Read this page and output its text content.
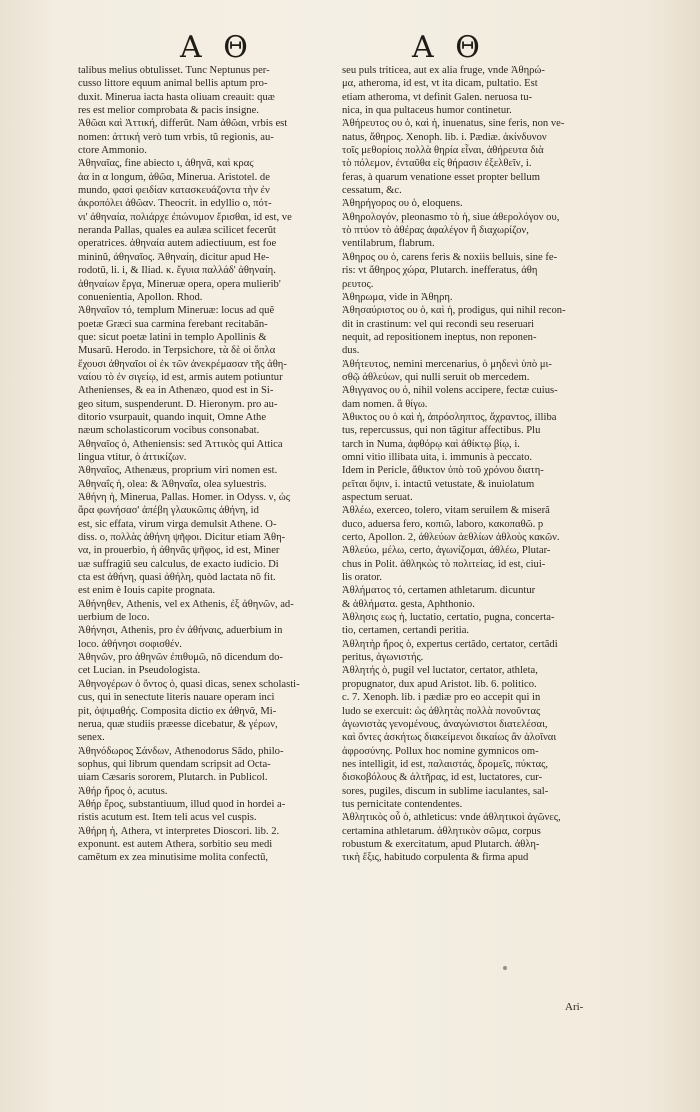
Α Θ	Α Θ
talibus melius obtulisset. Tunc Neptunus per-
cusso littore equum animal bellis aptum pro-
duxit. Minerua iacta hasta oliuam creauit: quæ
res est melior comprobata & pacis insigne.
Ἀθῶαι καὶ Ἀττική, differũt. Nam ἀθῶαι, vrbis est
nomen: ἀττική verò tum vrbis, tũ regionis, au-
ctore Ammonio.
Ἀθηναῖας, fine abiecto ι, ἀθηνᾶ, καὶ κραϛ
ἀα in α longum, ἀθῶα, Minerua. Aristotel. de
mundo, φασὶ φειδίαν κατασκευάζοντα τὴν ἐν
ἀκροπόλει ἀθῶαν. Theocrit. in edyllio ο, πότ-
νι' ἀθηναία, πολιάρχε ἐπώνυμον ἔρισθαι, id est, ve
neranda Pallas, quales ea aulæa scilicet fecerũt
operatrices. ἀθηναία autem adiectiuum, est foe
mininũ, ἀθηναῖος. Ἀθηναίη, dicitur apud He-
rodotũ, li. i, & Iliad. κ. ἔγυια παλλάδ' ἀθηναίη.
ἀθηναίων ἔργα, Mineruæ opera, opera mulierib'
conuenientia, Apollon. Rhod.
Ἀθηναῖον τό, templum Mineruæ: locus ad quẽ
poetæ Græci sua carmina ferebant recitabãn-
que: sicut poetæ latini in templo Apollinis &
Musarũ. Herodo. in Terpsichore, τὰ δὲ οἱ ὅπλα
ἔχουσι ἀθηναῖοι οἱ ἐκ τῶν ἀνεκρέμασαν τῆς ἀθη-
ναίου τὸ ἐν σιγείῳ, id est, armis autem potiuntur
Athenienses, & ea in Athenæo, quod est in Si-
geo situm, suspenderunt. D. Hieronym. pro au-
ditorio vsurpauit, quando inquit, Omne Athe
næum scholasticorum vocibus consonabat.
Ἀθηναῖος ὁ, Atheniensis: sed Ἀττικὸς qui Attica
lingua vtitur, ὁ ἀττικίζων.
Ἀθηναῖος, Athenæus, proprium viri nomen est.
Ἀθηναΐς ἡ, olea: & Ἀθηναΐα, olea syluestris.
Ἀθήνη ἡ, Minerua, Pallas. Homer. in Odyss. ν, ὡς
ἄρα φωνήσασ' ἀπέβη γλαυκῶπις ἀθήνη, id
est, sic effata, virum virga demulsit Athene. O-
diss. ο, πολλὰς ἀθήνη ψῆφοι. Dicitur etiam Ἀθη-
να, in prouerbio, ἡ ἀθηνᾶς ψῆφος, id est, Miner
uæ suffragiũ seu calculus, de exacto iudicio. Di
cta est ἀθήνη, quasi ἀθήλη, quòd lactata nõ fit.
est enim è Iouis capite prognata.
Ἀθήνηθεν, Athenis, vel ex Athenis, ἐξ ἀθηνῶν, ad-
uerbium de loco.
Ἀθήνησι, Athenis, pro ἐν ἀθήναις, aduerbium in
loco. ἀθήνησι σοφισθέν.
Ἀθηνῶν, pro ἀθηνῶν ἐπιθυμῶ, nõ dicendum do-
cet Lucian. in Pseudologista.
Ἀθηνογέρων ὁ ὄντος ὁ, quasi dicas, senex scholasti-
cus, qui in senectute literis nauare operam inci
pit, ὀψιμαθής. Composita dictio ex ἀθηνᾶ, Mi-
nerua, quæ studiis præesse dicebatur, & γέρων,
senex.
Ἀθηνόδωρος Σάνδων, Athenodorus Sãdo, philo-
sophus, qui librum quendam scripsit ad Octa-
uiam Cæsaris sororem, Plutarch. in Publicol.
Ἀθήρ ἤρος ὁ, acutus.
Ἀθήρ ἔρος, substantiuum, illud quod in hordei a-
ristis acutum est. Item teli acus vel cuspis.
Ἀθήρη ἡ, Athera, vt interpretes Dioscori. lib. 2.
exponunt. est autem Athera, sorbitio seu medi
camẽtum ex zea minutisime molita confectũ,
seu puls triticea, aut ex alia fruge, vnde Ἀθηρώ-
μα, atheroma, id est, vt ita dicam, pultatio. Est
etiam atheroma, vt definit Galen. neruosa tu-
nica, in qua pultaceus humor continetur.
Ἀθήρευτος ου ὁ, καὶ ἡ, inuenatus, sine feris, non ve-
natus, ἄθηρος. Xenoph. lib. i. Pædiæ. ἀκίνδυνον
τοῖς μεθορίοις πολλὰ θηρία εἶναι, ἀθήρευτα διὰ
τὸ πόλεμον, ἐνταῦθα εἰς θήρασιν ἐξελθεῖν, i.
feras, à quarum venatione esset propter bellum
cessatum, &c.
Ἀθηρήγορος ου ὁ, eloquens.
Ἀθηρολογόν, pleonasmo τὸ ἡ, siue ἀθερολόγον ου,
τὸ πτύον τὸ ἀθέρας ἀφαλέγον ἢ διαχωρίζον,
ventilabrum, flabrum.
Ἀθηρος ου ὁ, carens feris & noxiis belluis, sine fe-
ris: vt ἄθηρος χώρα, Plutarch. inefferatus, ἀθη
ρευτος.
Ἀθηρωμα, vide in Ἀθηρη.
Ἀθησαύριστος ου ὁ, καὶ ἡ, prodigus, qui nihil recon-
dit in crastinum: vel qui recondi seu reseruari
nequit, ad repositionem ineptus, non reponen-
dus.
Ἀθήτευτος, nemini mercenarius, ὁ μηδενὶ ὑπὸ μι-
σθῷ ἀθλεύων, qui nulli seruit ob mercedem.
Ἀθιγγανος ου ὁ, nihil volens accipere, fectæ cuius-
dam nomen. ἃ θίγω.
Ἀθικτος ου ὁ καὶ ἡ, ἀπρόσληπτος, ἄχραντος, illiba
tus, repercussus, qui non tãgitur affectibus. Plu
tarch in Numa, ἀφθόρῳ καὶ ἀθίκτῳ βίῳ, i.
omni vitio illibata uita, i. immunis à peccato.
Idem in Pericle, ἄθικτον ὑπὸ τοῦ χρόνου διατη-
ρεῖται ὄψιν, i. intactũ vetustate, & inuiolatum
aspectum seruat.
Ἀθλέω, exerceo, tolero, vitam seruilem & miserã
duco, aduersa fero, κοπιῶ, laboro, κακοπαθῶ. p
certo, Apollon. 2, ἀθλεύων ἀεθλίων ἀθλοὺς κακῶν.
Ἀθλεύω, μέλω, certo, ἀγωνίζομαι, ἀθλέω, Plutar-
chus in Polit. ἀθληκὼς τὸ πολιτείας, id est, ciui-
lis orator.
Ἀθλήματος τό, certamen athletarum. dicuntur
& ἀθλήματα. gesta, Aphthonio.
Ἀθλησις εως ἡ, luctatio, certatio, pugna, concerta-
tio, certamen, certandi peritia.
Ἀθλητὴρ ἤρος ὁ, expertus certãdo, certator, certãdi
peritus, ἀγωνιστής.
Ἀθλητής ὁ, pugil vel luctator, certator, athleta,
propugnator, dux apud Aristot. lib. 6. politico.
c. 7. Xenoph. lib. i pædiæ pro eo accepit qui in
ludo se exercuit: ὡς ἀθλητὰς πολλὰ πονοῦντας
ἀγωνιστὰς γενομένους, ἀναγώνιστοι διατελέσαι,
καὶ ὄντες ἀσκήτως διακείμενοι δικαίως ἂν ἁλοῖναι
ἀφροσύνης. Pollux hoc nomine gymnicos om-
nes intelligit, id est, παλαιστάς, δρομεῖς, πύκτας,
δισκοβόλους & ἀλτῆρας, id est, luctatores, cur-
sores, pugiles, discum in sublime iaculantes, sal-
tus pernicitate contendentes.
Ἀθλητικὸς οὗ ὁ, athleticus: vnde ἀθλητικοὶ ἀγῶνες,
certamina athletarum. ἀθλητικὸν σῶμα, corpus
robustum & exercitatum, apud Plutarch. ἀθλη-
τικὴ ἕξις, habitudo corpulenta & firma apud
Ari-
